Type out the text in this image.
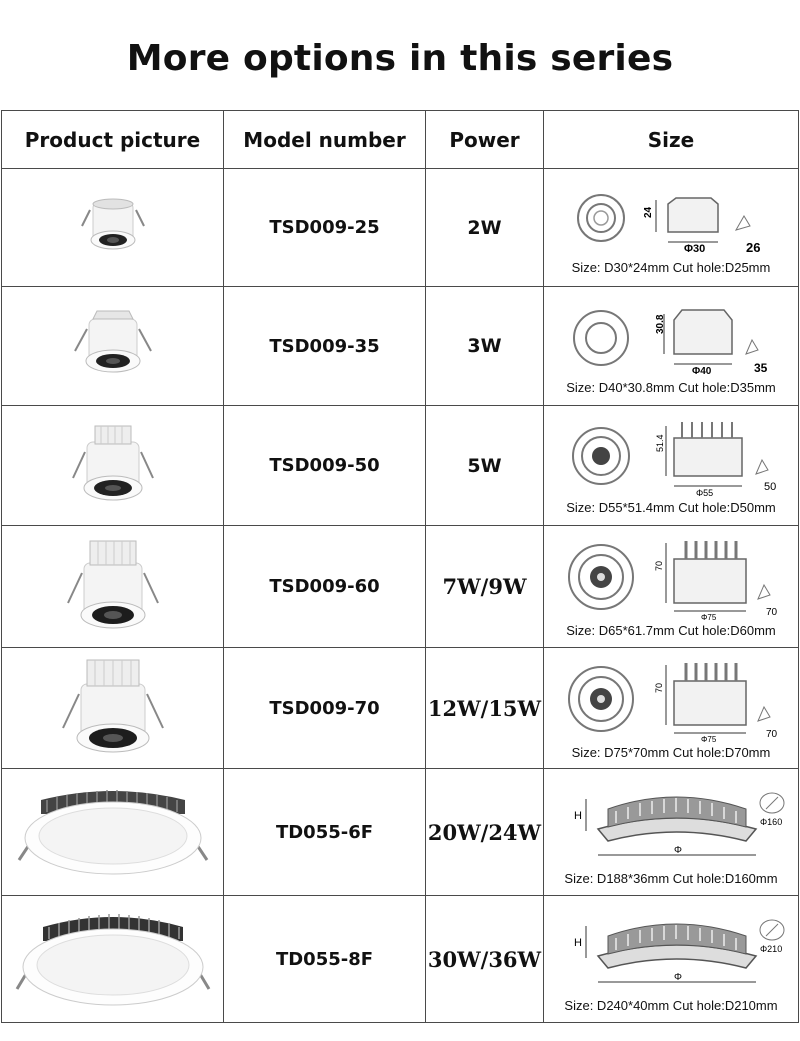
More options in this series
Product picture	Model number	Power	Size

	TSD009-25	2W	24
Φ30 26
Size: D30*24mm Cut hole:D25mm

	TSD009-35	3W	30.8
Φ40 35
Size: D40*30.8mm Cut hole:D35mm

	TSD009-50	5W	51.4
Φ55 50
Size: D55*51.4mm Cut hole:D50mm

	TSD009-60	7W/9W	70
Φ75 70
Size: D65*61.7mm Cut hole:D60mm

	TSD009-70	12W/15W	70
Φ75 70
Size: D75*70mm Cut hole:D70mm

	TD055-6F	20W/24W	H
Φ
Φ160
Size: D188*36mm Cut hole:D160mm

	TD055-8F	30W/36W	H
Φ
Φ210
Size: D240*40mm Cut hole:D210mm
